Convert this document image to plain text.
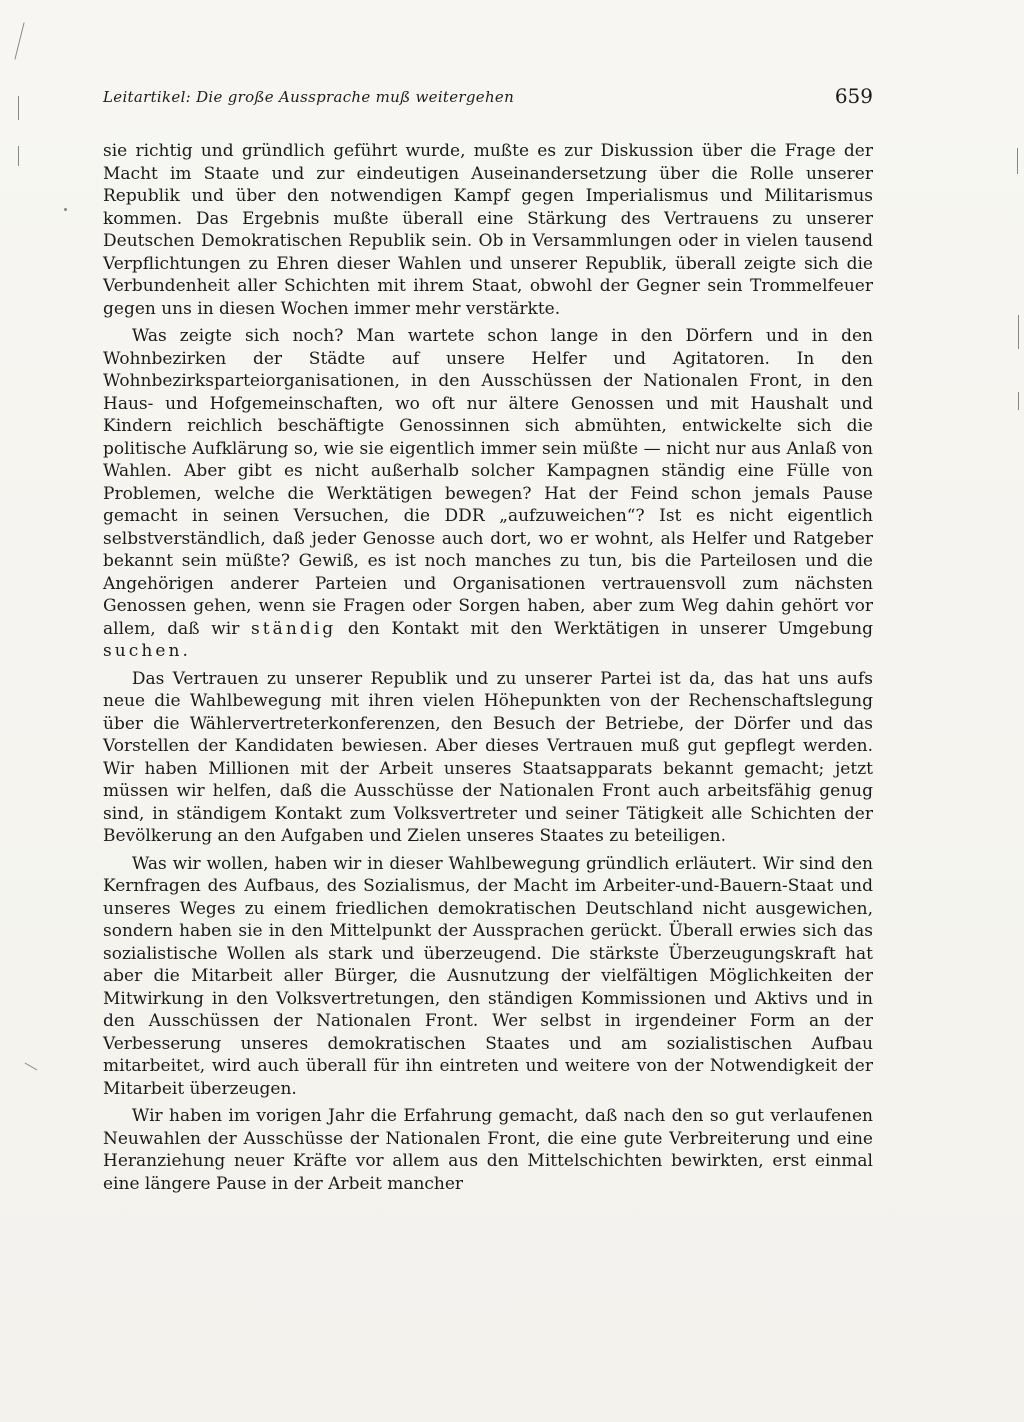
Leitartikel: Die große Aussprache muß weitergehen	659

sie richtig und gründlich geführt wurde, mußte es zur Diskussion über die Frage der Macht im Staate und zur eindeutigen Auseinandersetzung über die Rolle unserer Republik und über den notwendigen Kampf gegen Imperialismus und Militarismus kommen. Das Ergebnis mußte überall eine Stärkung des Vertrauens zu unserer Deutschen Demokratischen Republik sein. Ob in Versammlungen oder in vielen tausend Verpflichtungen zu Ehren dieser Wahlen und unserer Republik, überall zeigte sich die Verbundenheit aller Schichten mit ihrem Staat, obwohl der Gegner sein Trommelfeuer gegen uns in diesen Wochen immer mehr verstärkte.

Was zeigte sich noch? Man wartete schon lange in den Dörfern und in den Wohnbezirken der Städte auf unsere Helfer und Agitatoren. In den Wohnbezirksparteiorganisationen, in den Ausschüssen der Nationalen Front, in den Haus- und Hofgemeinschaften, wo oft nur ältere Genossen und mit Haushalt und Kindern reichlich beschäftigte Genossinnen sich abmühten, entwickelte sich die politische Aufklärung so, wie sie eigentlich immer sein müßte — nicht nur aus Anlaß von Wahlen. Aber gibt es nicht außerhalb solcher Kampagnen ständig eine Fülle von Problemen, welche die Werktätigen bewegen? Hat der Feind schon jemals Pause gemacht in seinen Versuchen, die DDR „aufzuweichen“? Ist es nicht eigentlich selbstverständlich, daß jeder Genosse auch dort, wo er wohnt, als Helfer und Ratgeber bekannt sein müßte? Gewiß, es ist noch manches zu tun, bis die Parteilosen und die Angehörigen anderer Parteien und Organisationen vertrauensvoll zum nächsten Genossen gehen, wenn sie Fragen oder Sorgen haben, aber zum Weg dahin gehört vor allem, daß wir ständig den Kontakt mit den Werktätigen in unserer Umgebung suchen.

Das Vertrauen zu unserer Republik und zu unserer Partei ist da, das hat uns aufs neue die Wahlbewegung mit ihren vielen Höhepunkten von der Rechenschaftslegung über die Wählervertreterkonferenzen, den Besuch der Betriebe, der Dörfer und das Vorstellen der Kandidaten bewiesen. Aber dieses Vertrauen muß gut gepflegt werden. Wir haben Millionen mit der Arbeit unseres Staatsapparats bekannt gemacht; jetzt müssen wir helfen, daß die Ausschüsse der Nationalen Front auch arbeitsfähig genug sind, in ständigem Kontakt zum Volksvertreter und seiner Tätigkeit alle Schichten der Bevölkerung an den Aufgaben und Zielen unseres Staates zu beteiligen.

Was wir wollen, haben wir in dieser Wahlbewegung gründlich erläutert. Wir sind den Kernfragen des Aufbaus, des Sozialismus, der Macht im Arbeiter-und-Bauern-Staat und unseres Weges zu einem friedlichen demokratischen Deutschland nicht ausgewichen, sondern haben sie in den Mittelpunkt der Aussprachen gerückt. Überall erwies sich das sozialistische Wollen als stark und überzeugend. Die stärkste Überzeugungskraft hat aber die Mitarbeit aller Bürger, die Ausnutzung der vielfältigen Möglichkeiten der Mitwirkung in den Volksvertretungen, den ständigen Kommissionen und Aktivs und in den Ausschüssen der Nationalen Front. Wer selbst in irgendeiner Form an der Verbesserung unseres demokratischen Staates und am sozialistischen Aufbau mitarbeitet, wird auch überall für ihn eintreten und weitere von der Notwendigkeit der Mitarbeit überzeugen.

Wir haben im vorigen Jahr die Erfahrung gemacht, daß nach den so gut verlaufenen Neuwahlen der Ausschüsse der Nationalen Front, die eine gute Verbreiterung und eine Heranziehung neuer Kräfte vor allem aus den Mittelschichten bewirkten, erst einmal eine längere Pause in der Arbeit mancher
